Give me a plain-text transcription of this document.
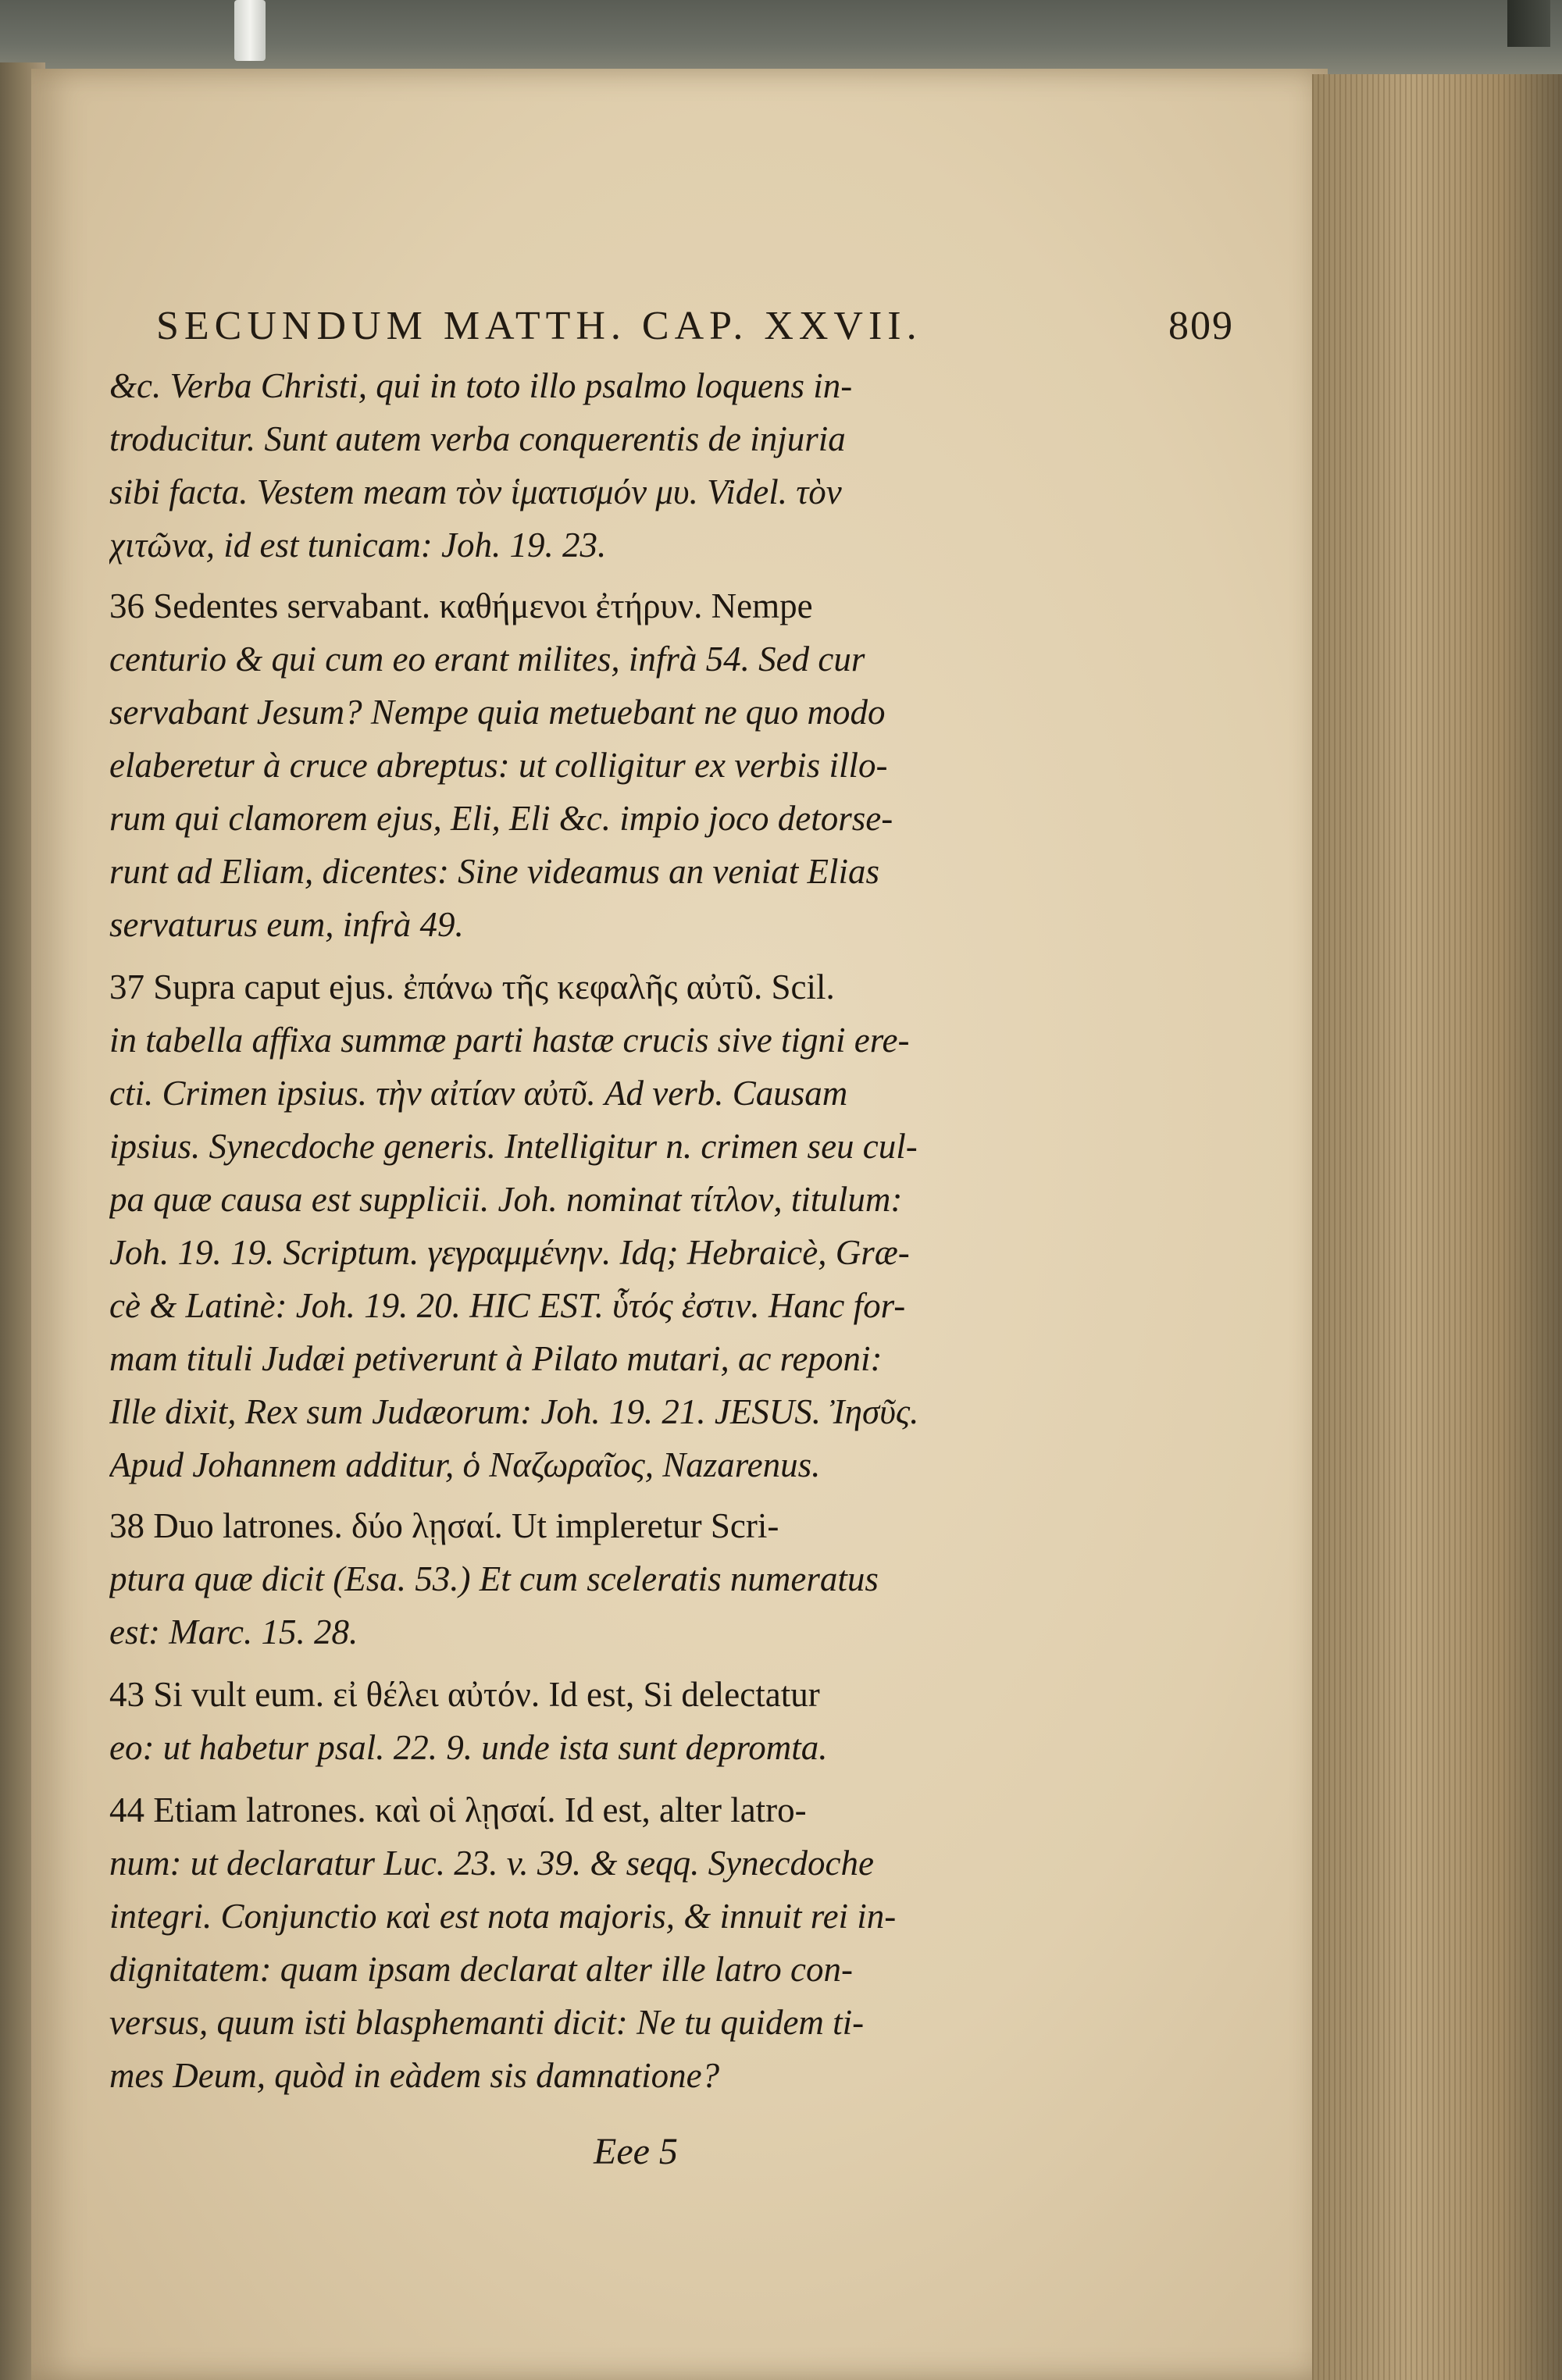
SECUNDUM MATTH. CAP. XXVII.	809
&c. Verba Christi, qui in toto illo psalmo loquens in-
troducitur. Sunt autem verba conquerentis de injuria
sibi facta. Vestem meam τὸν ἱματισμόν μυ. Videl. τὸν
χιτῶνα, id est tunicam: Joh. 19. 23.
36 Sedentes servabant. καθήμενοι ἐτήρυν. Nempe
centurio & qui cum eo erant milites, infrà 54. Sed cur
servabant Jesum? Nempe quia metuebant ne quo modo
elaberetur à cruce abreptus: ut colligitur ex verbis illo-
rum qui clamorem ejus, Eli, Eli &c. impio joco detorse-
runt ad Eliam, dicentes: Sine videamus an veniat Elias
servaturus eum, infrà 49.
37 Supra caput ejus. ἐπάνω τῆς κεφαλῆς αὐτῦ. Scil.
in tabella affixa summæ parti hastæ crucis sive tigni ere-
cti. Crimen ipsius. τὴν αἰτίαν αὐτῦ. Ad verb. Causam
ipsius. Synecdoche generis. Intelligitur n. crimen seu cul-
pa quæ causa est supplicii. Joh. nominat τίτλον, titulum:
Joh. 19. 19. Scriptum. γεγραμμένην. Idq; Hebraicè, Græ-
cè & Latinè: Joh. 19. 20. HIC EST. ὗτός ἐστιν. Hanc for-
mam tituli Judæi petiverunt à Pilato mutari, ac reponi:
Ille dixit, Rex sum Judæorum: Joh. 19. 21. JESUS. Ἰησῦς.
Apud Johannem additur, ὁ Ναζωραῖος, Nazarenus.
38 Duo latrones. δύο λῃσαί. Ut impleretur Scri-
ptura quæ dicit (Esa. 53.) Et cum sceleratis numeratus
est: Marc. 15. 28.
43 Si vult eum. εἰ θέλει αὐτόν. Id est, Si delectatur
eo: ut habetur psal. 22. 9. unde ista sunt depromta.
44 Etiam latrones. καὶ οἱ λῃσαί. Id est, alter latro-
num: ut declaratur Luc. 23. v. 39. & seqq. Synecdoche
integri. Conjunctio καὶ est nota majoris, & innuit rei in-
dignitatem: quam ipsam declarat alter ille latro con-
versus, quum isti blasphemanti dicit: Ne tu quidem ti-
mes Deum, quòd in eàdem sis damnatione?
Eee 5
